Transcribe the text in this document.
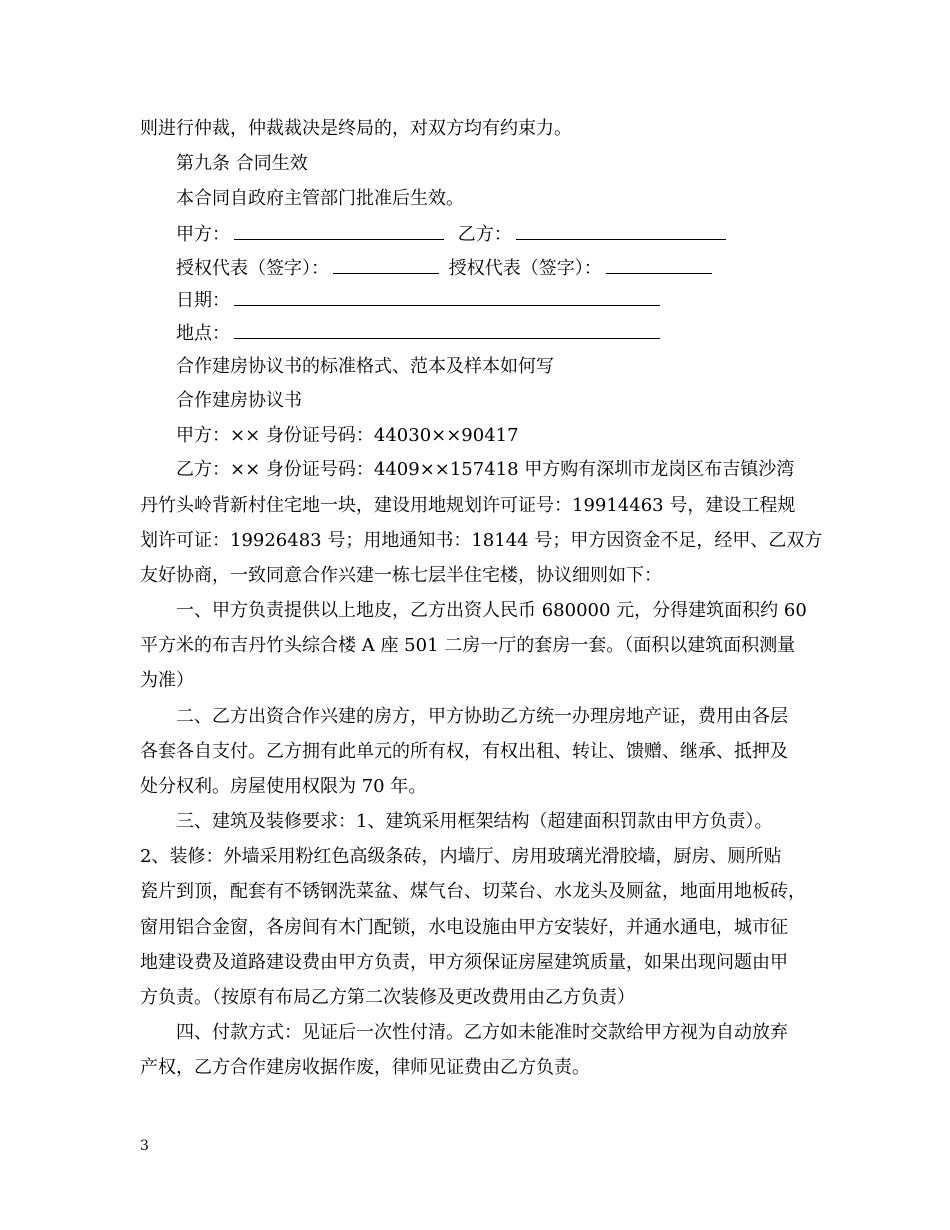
则进行仲裁，仲裁裁决是终局的，对双方均有约束力。
第九条 合同生效
本合同自政府主管部门批准后生效。
甲方：	乙方：
授权代表（签字）：	授权代表（签字）：
日期：
地点：
合作建房协议书的标准格式、范本及样本如何写
合作建房协议书
甲方：×× 身份证号码：44030××90417
乙方：×× 身份证号码：4409××157418 甲方购有深圳市龙岗区布吉镇沙湾
丹竹头岭背新村住宅地一块，建设用地规划许可证号：19914463 号，建设工程规
划许可证：19926483 号；用地通知书：18144 号；甲方因资金不足，经甲、乙双方
友好协商，一致同意合作兴建一栋七层半住宅楼，协议细则如下：
一、甲方负责提供以上地皮，乙方出资人民币 680000 元，分得建筑面积约 60
平方米的布吉丹竹头综合楼 A 座 501 二房一厅的套房一套。（面积以建筑面积测量
为准）
二、乙方出资合作兴建的房方，甲方协助乙方统一办理房地产证，费用由各层
各套各自支付。乙方拥有此单元的所有权，有权出租、转让、馈赠、继承、抵押及
处分权利。房屋使用权限为 70 年。
三、建筑及装修要求：1、建筑采用框架结构（超建面积罚款由甲方负责）。
2、装修：外墙采用粉红色高级条砖，内墙厅、房用玻璃光滑胶墙，厨房、厕所贴
瓷片到顶，配套有不锈钢洗菜盆、煤气台、切菜台、水龙头及厕盆，地面用地板砖，
窗用铝合金窗，各房间有木门配锁，水电设施由甲方安装好，并通水通电，城市征
地建设费及道路建设费由甲方负责，甲方须保证房屋建筑质量，如果出现问题由甲
方负责。（按原有布局乙方第二次装修及更改费用由乙方负责）
四、付款方式：见证后一次性付清。乙方如未能准时交款给甲方视为自动放弃
产权，乙方合作建房收据作废，律师见证费由乙方负责。
3
